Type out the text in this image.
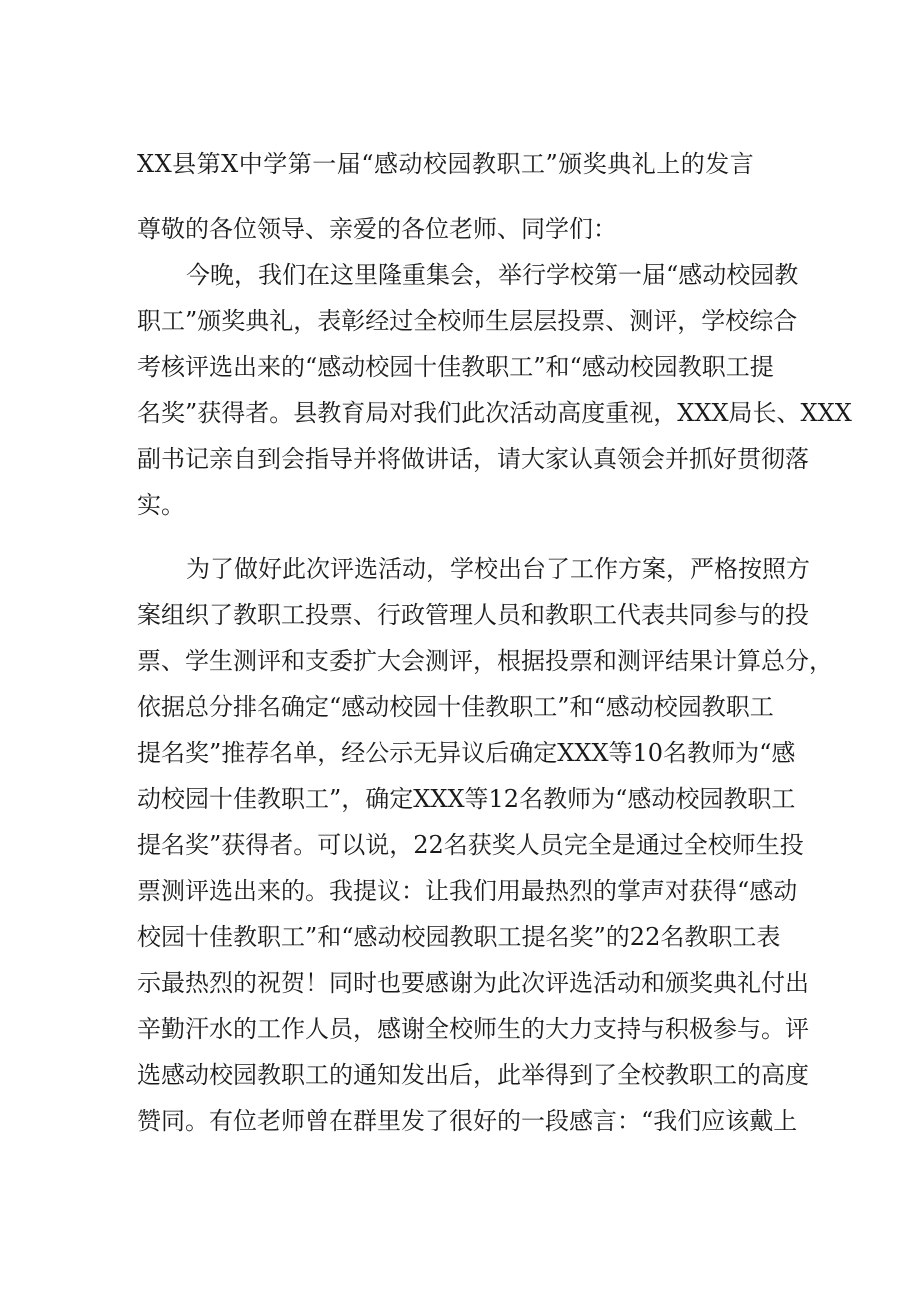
XX县第X中学第一届“感动校园教职工”颁奖典礼上的发言
尊敬的各位领导、亲爱的各位老师、同学们：
今晚，我们在这里隆重集会，举行学校第一届“感动校园教
职工”颁奖典礼，表彰经过全校师生层层投票、测评，学校综合
考核评选出来的“感动校园十佳教职工”和“感动校园教职工提
名奖”获得者。县教育局对我们此次活动高度重视，XXX局长、XXX
副书记亲自到会指导并将做讲话，请大家认真领会并抓好贯彻落
实。
为了做好此次评选活动，学校出台了工作方案，严格按照方
案组织了教职工投票、行政管理人员和教职工代表共同参与的投
票、学生测评和支委扩大会测评，根据投票和测评结果计算总分，
依据总分排名确定“感动校园十佳教职工”和“感动校园教职工
提名奖”推荐名单，经公示无异议后确定XXX等10名教师为“感
动校园十佳教职工”，确定XXX等12名教师为“感动校园教职工
提名奖”获得者。可以说，22名获奖人员完全是通过全校师生投
票测评选出来的。我提议：让我们用最热烈的掌声对获得“感动
校园十佳教职工”和“感动校园教职工提名奖”的22名教职工表
示最热烈的祝贺！同时也要感谢为此次评选活动和颁奖典礼付出
辛勤汗水的工作人员，感谢全校师生的大力支持与积极参与。评
选感动校园教职工的通知发出后，此举得到了全校教职工的高度
赞同。有位老师曾在群里发了很好的一段感言：“我们应该戴上
